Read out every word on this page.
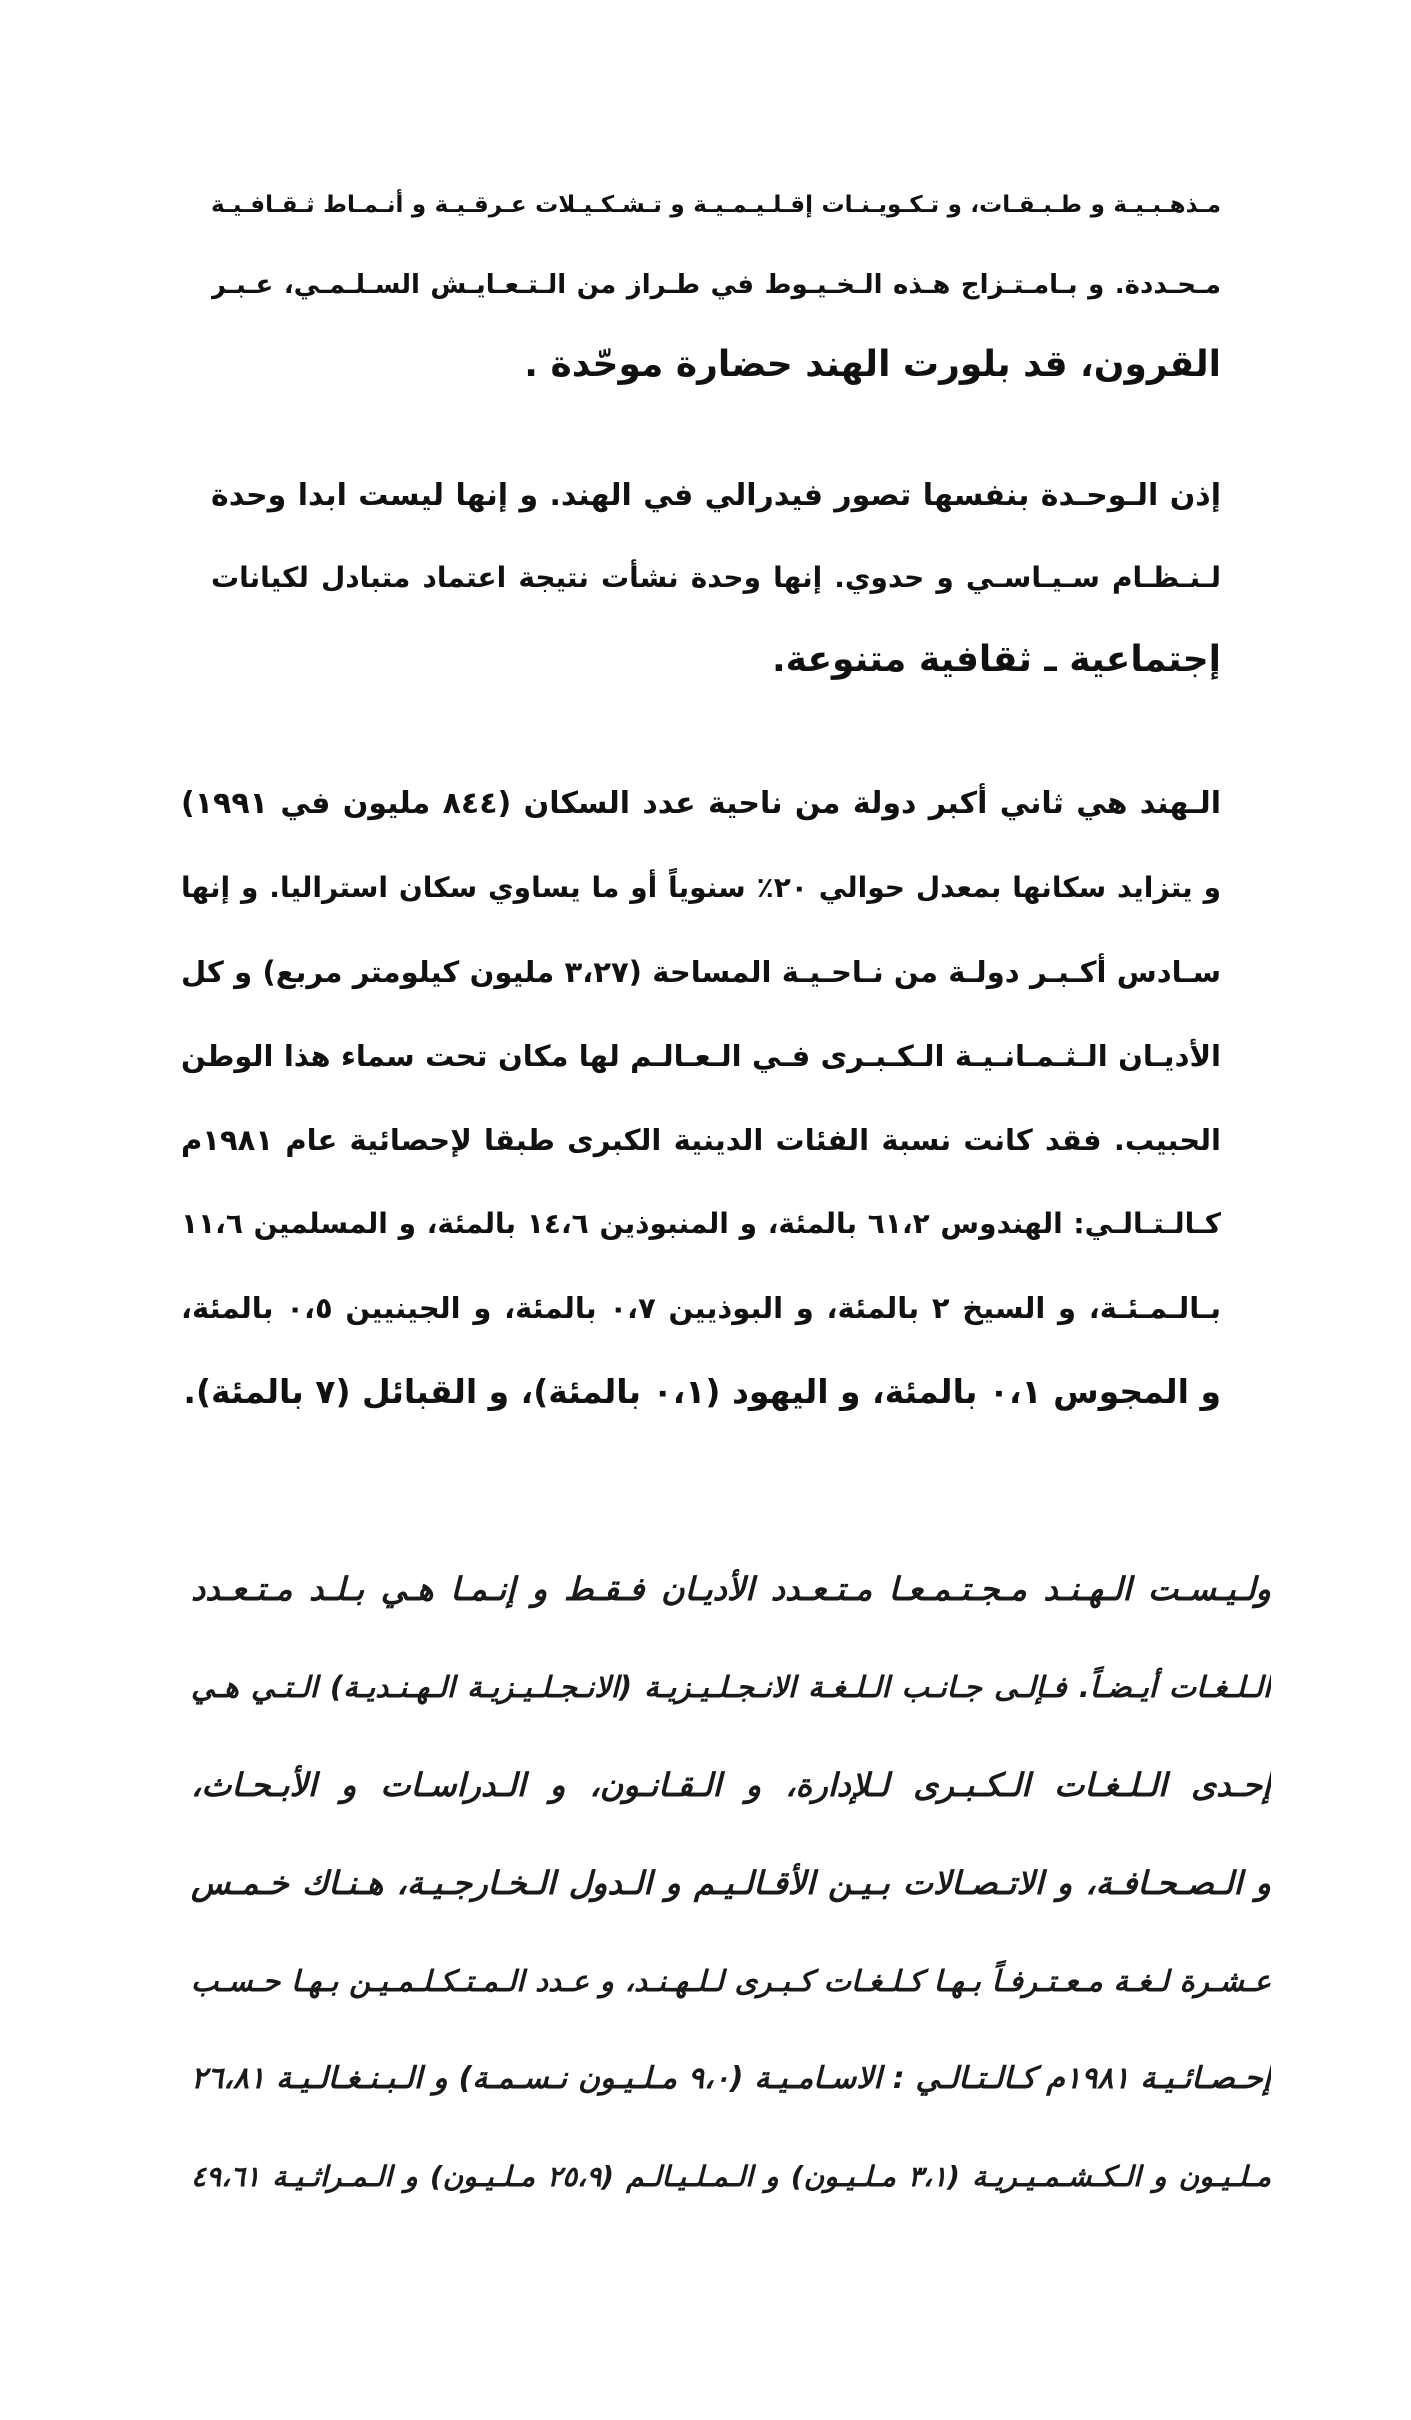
مـذهـبـيـة و طـبـقـات، و تـكـويـنـات إقـلـيـمـيـة و تـشـكـيـلات عـرقـيـة و أنـمـاط ثـقـافـيـة
مـحـددة. و بـامـتـزاج هـذه الـخـيـوط في طـراز من الـتـعـايـش السـلـمـي، عـبـر
القرون، قد بلورت الهند حضارة موحّدة .
إذن الـوحـدة بنفسها تصور فيدرالي في الهند. و إنها ليست ابدا وحدة
لـنـظـام سـيـاسـي و حدوي. إنها وحدة نشأت نتيجة اعتماد متبادل لكيانات
إجتماعية ـ ثقافية متنوعة.
الـهند هي ثاني أكبر دولة من ناحية عدد السكان (٨٤٤ مليون في ١٩٩١)
و يتزايد سكانها بمعدل حوالي ٢٠٪ سنوياً أو ما يساوي سكان استراليا. و إنها
سـادس أكـبـر دولـة من نـاحـيـة المساحة (٣،٢٧ مليون كيلومتر مربع) و كل
الأديـان الـثـمـانـيـة الـكـبـرى فـي الـعـالـم لها مكان تحت سماء هذا الوطن
الحبيب. فقد كانت نسبة الفئات الدينية الكبرى طبقا لإحصائية عام ١٩٨١م
كـالـتـالـي: الهندوس ٦١،٢ بالمئة، و المنبوذين ١٤،٦ بالمئة، و المسلمين ١١،٦
بـالـمـئـة، و السيخ ٢ بالمئة، و البوذيين ٠،٧ بالمئة، و الجينيين ٠،٥ بالمئة،
و المجوس ٠،١ بالمئة، و اليهود (٠،١ بالمئة)، و القبائل (٧ بالمئة).
ولـيـسـت الـهـنـد مـجـتـمـعـا مـتـعـدد الأديـان فـقـط و إنـمـا هـي بـلـد مـتـعـدد
الـلـغـات أيـضـاً. فـإلـى جـانـب الـلـغـة الانـجـلـيـزيـة (الانـجـلـيـزيـة الـهـنـديـة) الـتـي هـي
إحـدى الـلـغـات الـكـبـرى لـلإدارة، و الـقـانـون، و الـدراسـات و الأبـحـاث،
و الـصـحـافـة، و الاتـصـالات بـيـن الأقـالـيـم و الـدول الـخـارجـيـة، هـنـاك خـمـس
عـشـرة لـغـة مـعـتـرفـاً بـهـا كـلـغـات كـبـرى لـلـهـنـد، و عـدد الـمـتـكـلـمـيـن بـهـا حـسـب
إحـصـائـيـة ١٩٨١م كـالـتـالـي : الاسـامـيـة (٩،٠ مـلـيـون نـسـمـة) و الـبـنـغـالـيـة ٢٦،٨١
مـلـيـون و الـكـشـمـيـريـة (٣،١ مـلـيـون) و الـمـلـيـالـم (٢٥،٩ مـلـيـون) و الـمـراثـيـة ٤٩،٦١
